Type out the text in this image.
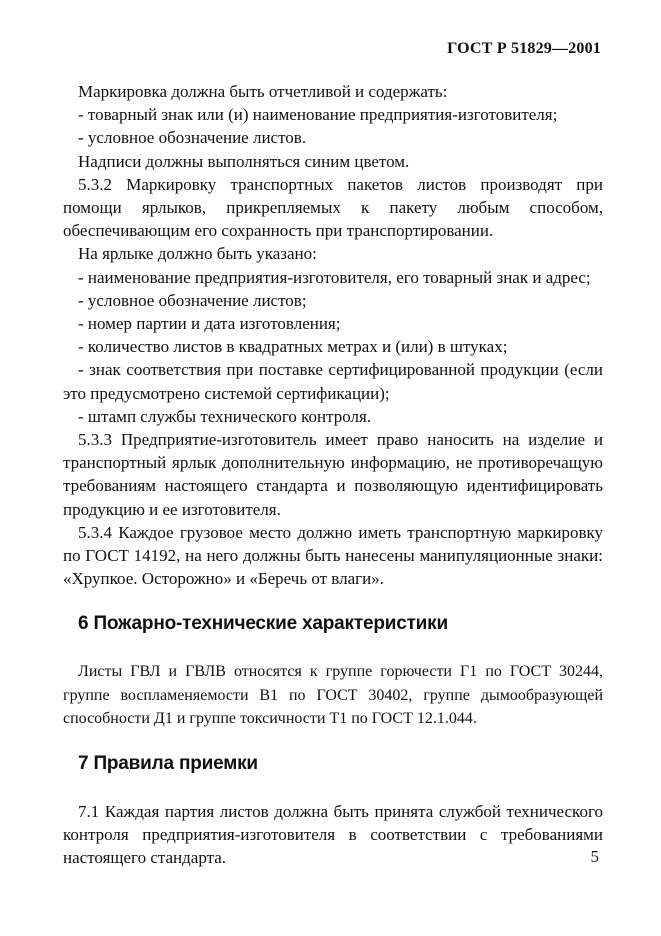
ГОСТ Р 51829—2001

Маркировка должна быть отчетливой и содержать:

- товарный знак или (и) наименование предприятия-изготовителя;

- условное обозначение листов.

Надписи должны выполняться синим цветом.

5.3.2 Маркировку транспортных пакетов листов производят при помощи ярлыков, прикрепляемых к пакету любым способом, обеспечивающим его сохранность при транспортировании.

На ярлыке должно быть указано:

- наименование предприятия-изготовителя, его товарный знак и адрес;

- условное обозначение листов;

- номер партии и дата изготовления;

- количество листов в квадратных метрах и (или) в штуках;

- знак соответствия при поставке сертифицированной продукции (если это предусмотрено системой сертификации);

- штамп службы технического контроля.

5.3.3 Предприятие-изготовитель имеет право наносить на изделие и транспортный ярлык дополнительную информацию, не противоречащую требованиям настоящего стандарта и позволяющую идентифицировать продукцию и ее изготовителя.

5.3.4 Каждое грузовое место должно иметь транспортную маркировку по ГОСТ 14192, на него должны быть нанесены манипуляционные знаки: «Хрупкое. Осторожно» и «Беречь от влаги».

6 Пожарно-технические характеристики

Листы ГВЛ и ГВЛВ относятся к группе горючести Г1 по ГОСТ 30244, группе воспламеняемости В1 по ГОСТ 30402, группе дымообразующей способности Д1 и группе токсичности Т1 по ГОСТ 12.1.044.

7 Правила приемки

7.1 Каждая партия листов должна быть принята службой технического контроля предприятия-изготовителя в соответствии с требованиями настоящего стандарта.	5
